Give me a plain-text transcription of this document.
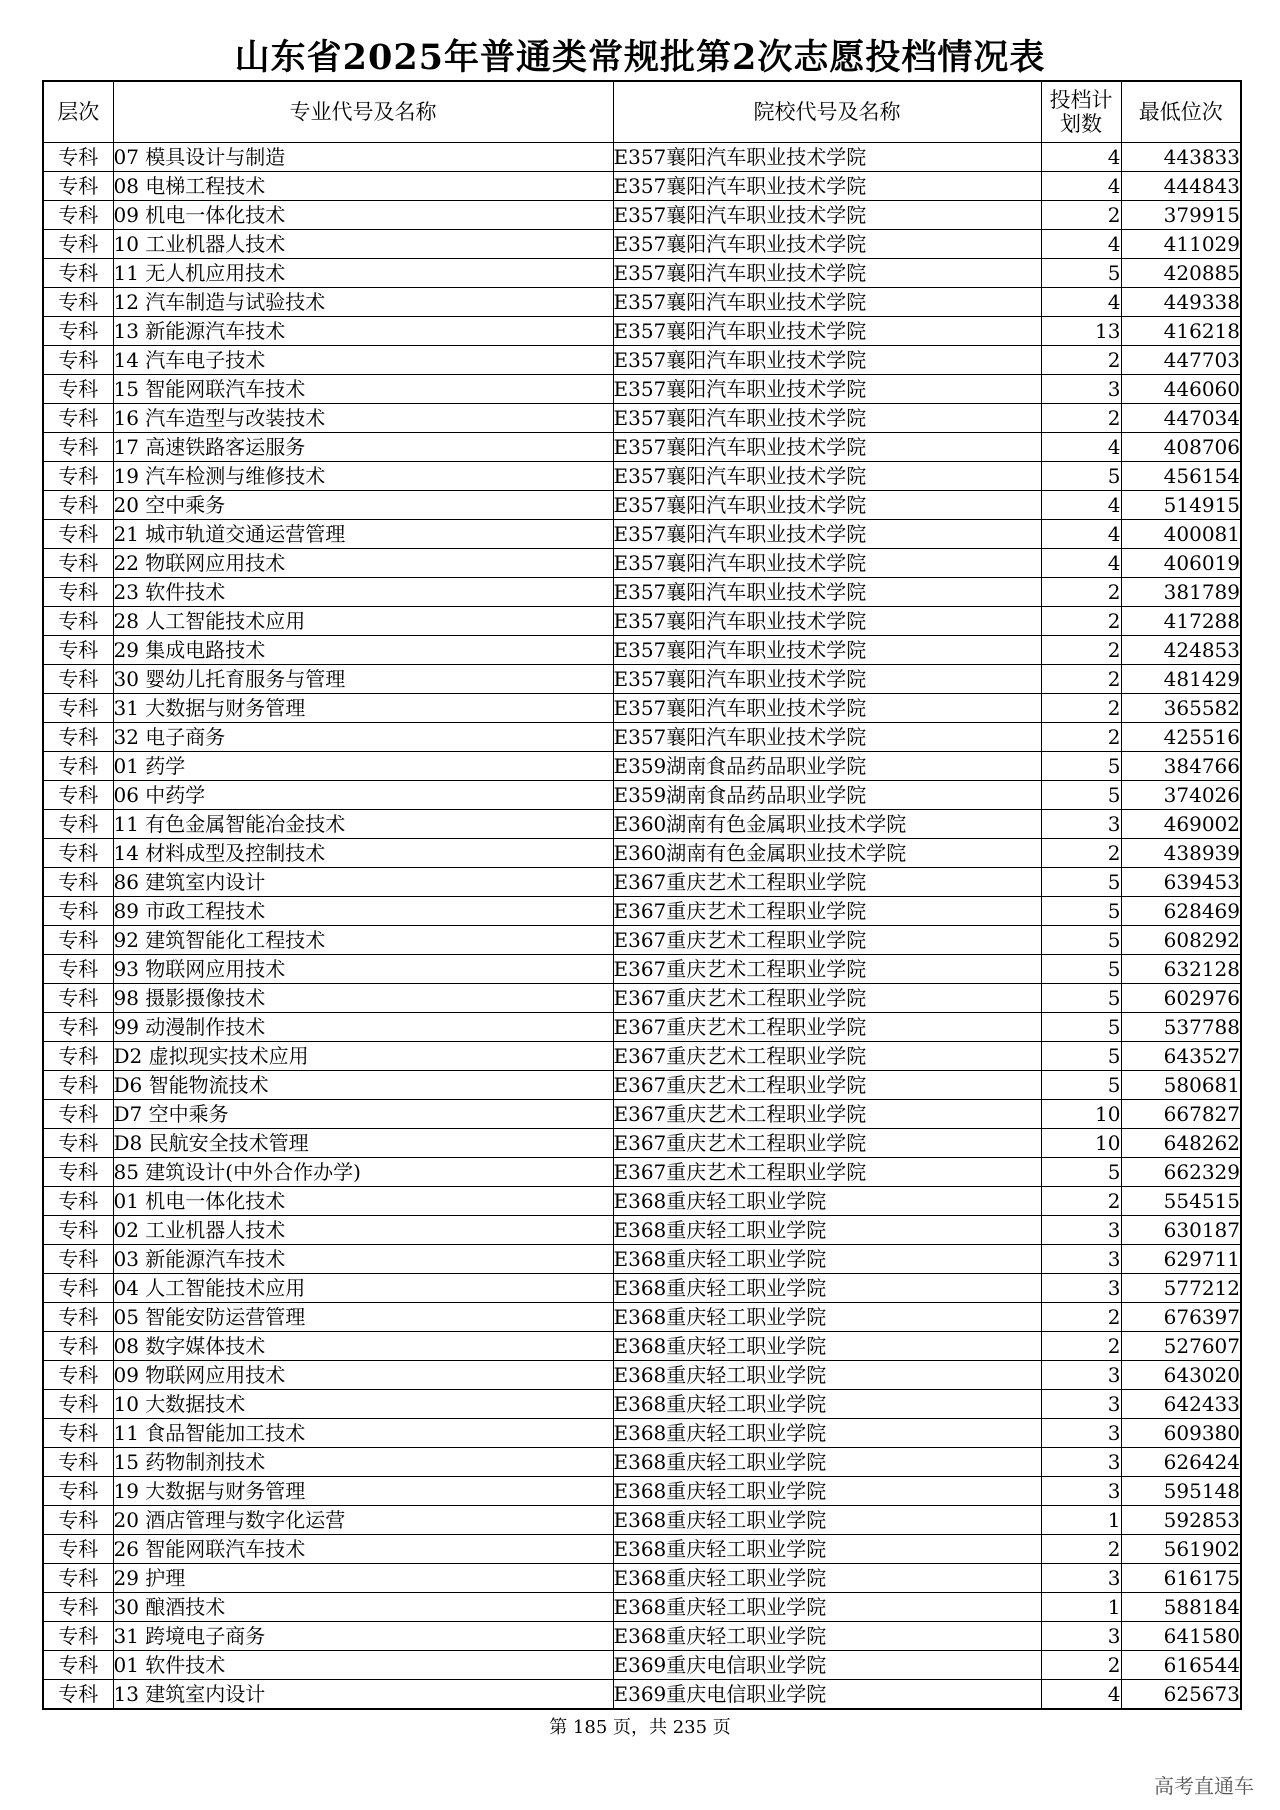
山东省2025年普通类常规批第2次志愿投档情况表
层次	专业代号及名称	院校代号及名称	投档计划数	最低位次
专科	07 模具设计与制造	E357襄阳汽车职业技术学院	4	443833
专科	08 电梯工程技术	E357襄阳汽车职业技术学院	4	444843
专科	09 机电一体化技术	E357襄阳汽车职业技术学院	2	379915
专科	10 工业机器人技术	E357襄阳汽车职业技术学院	4	411029
专科	11 无人机应用技术	E357襄阳汽车职业技术学院	5	420885
专科	12 汽车制造与试验技术	E357襄阳汽车职业技术学院	4	449338
专科	13 新能源汽车技术	E357襄阳汽车职业技术学院	13	416218
专科	14 汽车电子技术	E357襄阳汽车职业技术学院	2	447703
专科	15 智能网联汽车技术	E357襄阳汽车职业技术学院	3	446060
专科	16 汽车造型与改装技术	E357襄阳汽车职业技术学院	2	447034
专科	17 高速铁路客运服务	E357襄阳汽车职业技术学院	4	408706
专科	19 汽车检测与维修技术	E357襄阳汽车职业技术学院	5	456154
专科	20 空中乘务	E357襄阳汽车职业技术学院	4	514915
专科	21 城市轨道交通运营管理	E357襄阳汽车职业技术学院	4	400081
专科	22 物联网应用技术	E357襄阳汽车职业技术学院	4	406019
专科	23 软件技术	E357襄阳汽车职业技术学院	2	381789
专科	28 人工智能技术应用	E357襄阳汽车职业技术学院	2	417288
专科	29 集成电路技术	E357襄阳汽车职业技术学院	2	424853
专科	30 婴幼儿托育服务与管理	E357襄阳汽车职业技术学院	2	481429
专科	31 大数据与财务管理	E357襄阳汽车职业技术学院	2	365582
专科	32 电子商务	E357襄阳汽车职业技术学院	2	425516
专科	01 药学	E359湖南食品药品职业学院	5	384766
专科	06 中药学	E359湖南食品药品职业学院	5	374026
专科	11 有色金属智能冶金技术	E360湖南有色金属职业技术学院	3	469002
专科	14 材料成型及控制技术	E360湖南有色金属职业技术学院	2	438939
专科	86 建筑室内设计	E367重庆艺术工程职业学院	5	639453
专科	89 市政工程技术	E367重庆艺术工程职业学院	5	628469
专科	92 建筑智能化工程技术	E367重庆艺术工程职业学院	5	608292
专科	93 物联网应用技术	E367重庆艺术工程职业学院	5	632128
专科	98 摄影摄像技术	E367重庆艺术工程职业学院	5	602976
专科	99 动漫制作技术	E367重庆艺术工程职业学院	5	537788
专科	D2 虚拟现实技术应用	E367重庆艺术工程职业学院	5	643527
专科	D6 智能物流技术	E367重庆艺术工程职业学院	5	580681
专科	D7 空中乘务	E367重庆艺术工程职业学院	10	667827
专科	D8 民航安全技术管理	E367重庆艺术工程职业学院	10	648262
专科	85 建筑设计(中外合作办学)	E367重庆艺术工程职业学院	5	662329
专科	01 机电一体化技术	E368重庆轻工职业学院	2	554515
专科	02 工业机器人技术	E368重庆轻工职业学院	3	630187
专科	03 新能源汽车技术	E368重庆轻工职业学院	3	629711
专科	04 人工智能技术应用	E368重庆轻工职业学院	3	577212
专科	05 智能安防运营管理	E368重庆轻工职业学院	2	676397
专科	08 数字媒体技术	E368重庆轻工职业学院	2	527607
专科	09 物联网应用技术	E368重庆轻工职业学院	3	643020
专科	10 大数据技术	E368重庆轻工职业学院	3	642433
专科	11 食品智能加工技术	E368重庆轻工职业学院	3	609380
专科	15 药物制剂技术	E368重庆轻工职业学院	3	626424
专科	19 大数据与财务管理	E368重庆轻工职业学院	3	595148
专科	20 酒店管理与数字化运营	E368重庆轻工职业学院	1	592853
专科	26 智能网联汽车技术	E368重庆轻工职业学院	2	561902
专科	29 护理	E368重庆轻工职业学院	3	616175
专科	30 酿酒技术	E368重庆轻工职业学院	1	588184
专科	31 跨境电子商务	E368重庆轻工职业学院	3	641580
专科	01 软件技术	E369重庆电信职业学院	2	616544
专科	13 建筑室内设计	E369重庆电信职业学院	4	625673
第 185 页，共 235 页
高考直通车
